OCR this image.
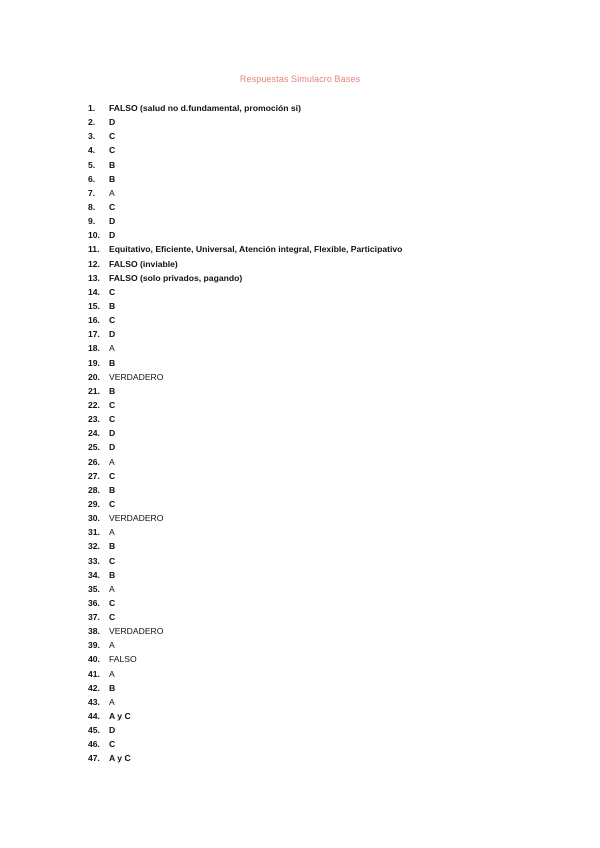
Respuestas Simulacro Bases
1.	FALSO (salud no d.fundamental, promoción si)
2.	D
3.	C
4.	C
5.	B
6.	B
7.	A
8.	C
9.	D
10.	D
11.	Equitativo, Eficiente, Universal, Atención integral, Flexible, Participativo
12.	FALSO (inviable)
13.	FALSO (solo privados, pagando)
14.	C
15.	B
16.	C
17.	D
18.	A
19.	B
20.	VERDADERO
21.	B
22.	C
23.	C
24.	D
25.	D
26.	A
27.	C
28.	B
29.	C
30.	VERDADERO
31.	A
32.	B
33.	C
34.	B
35.	A
36.	C
37.	C
38.	VERDADERO
39.	A
40.	FALSO
41.	A
42.	B
43.	A
44.	A y C
45.	D
46.	C
47.	A y C
